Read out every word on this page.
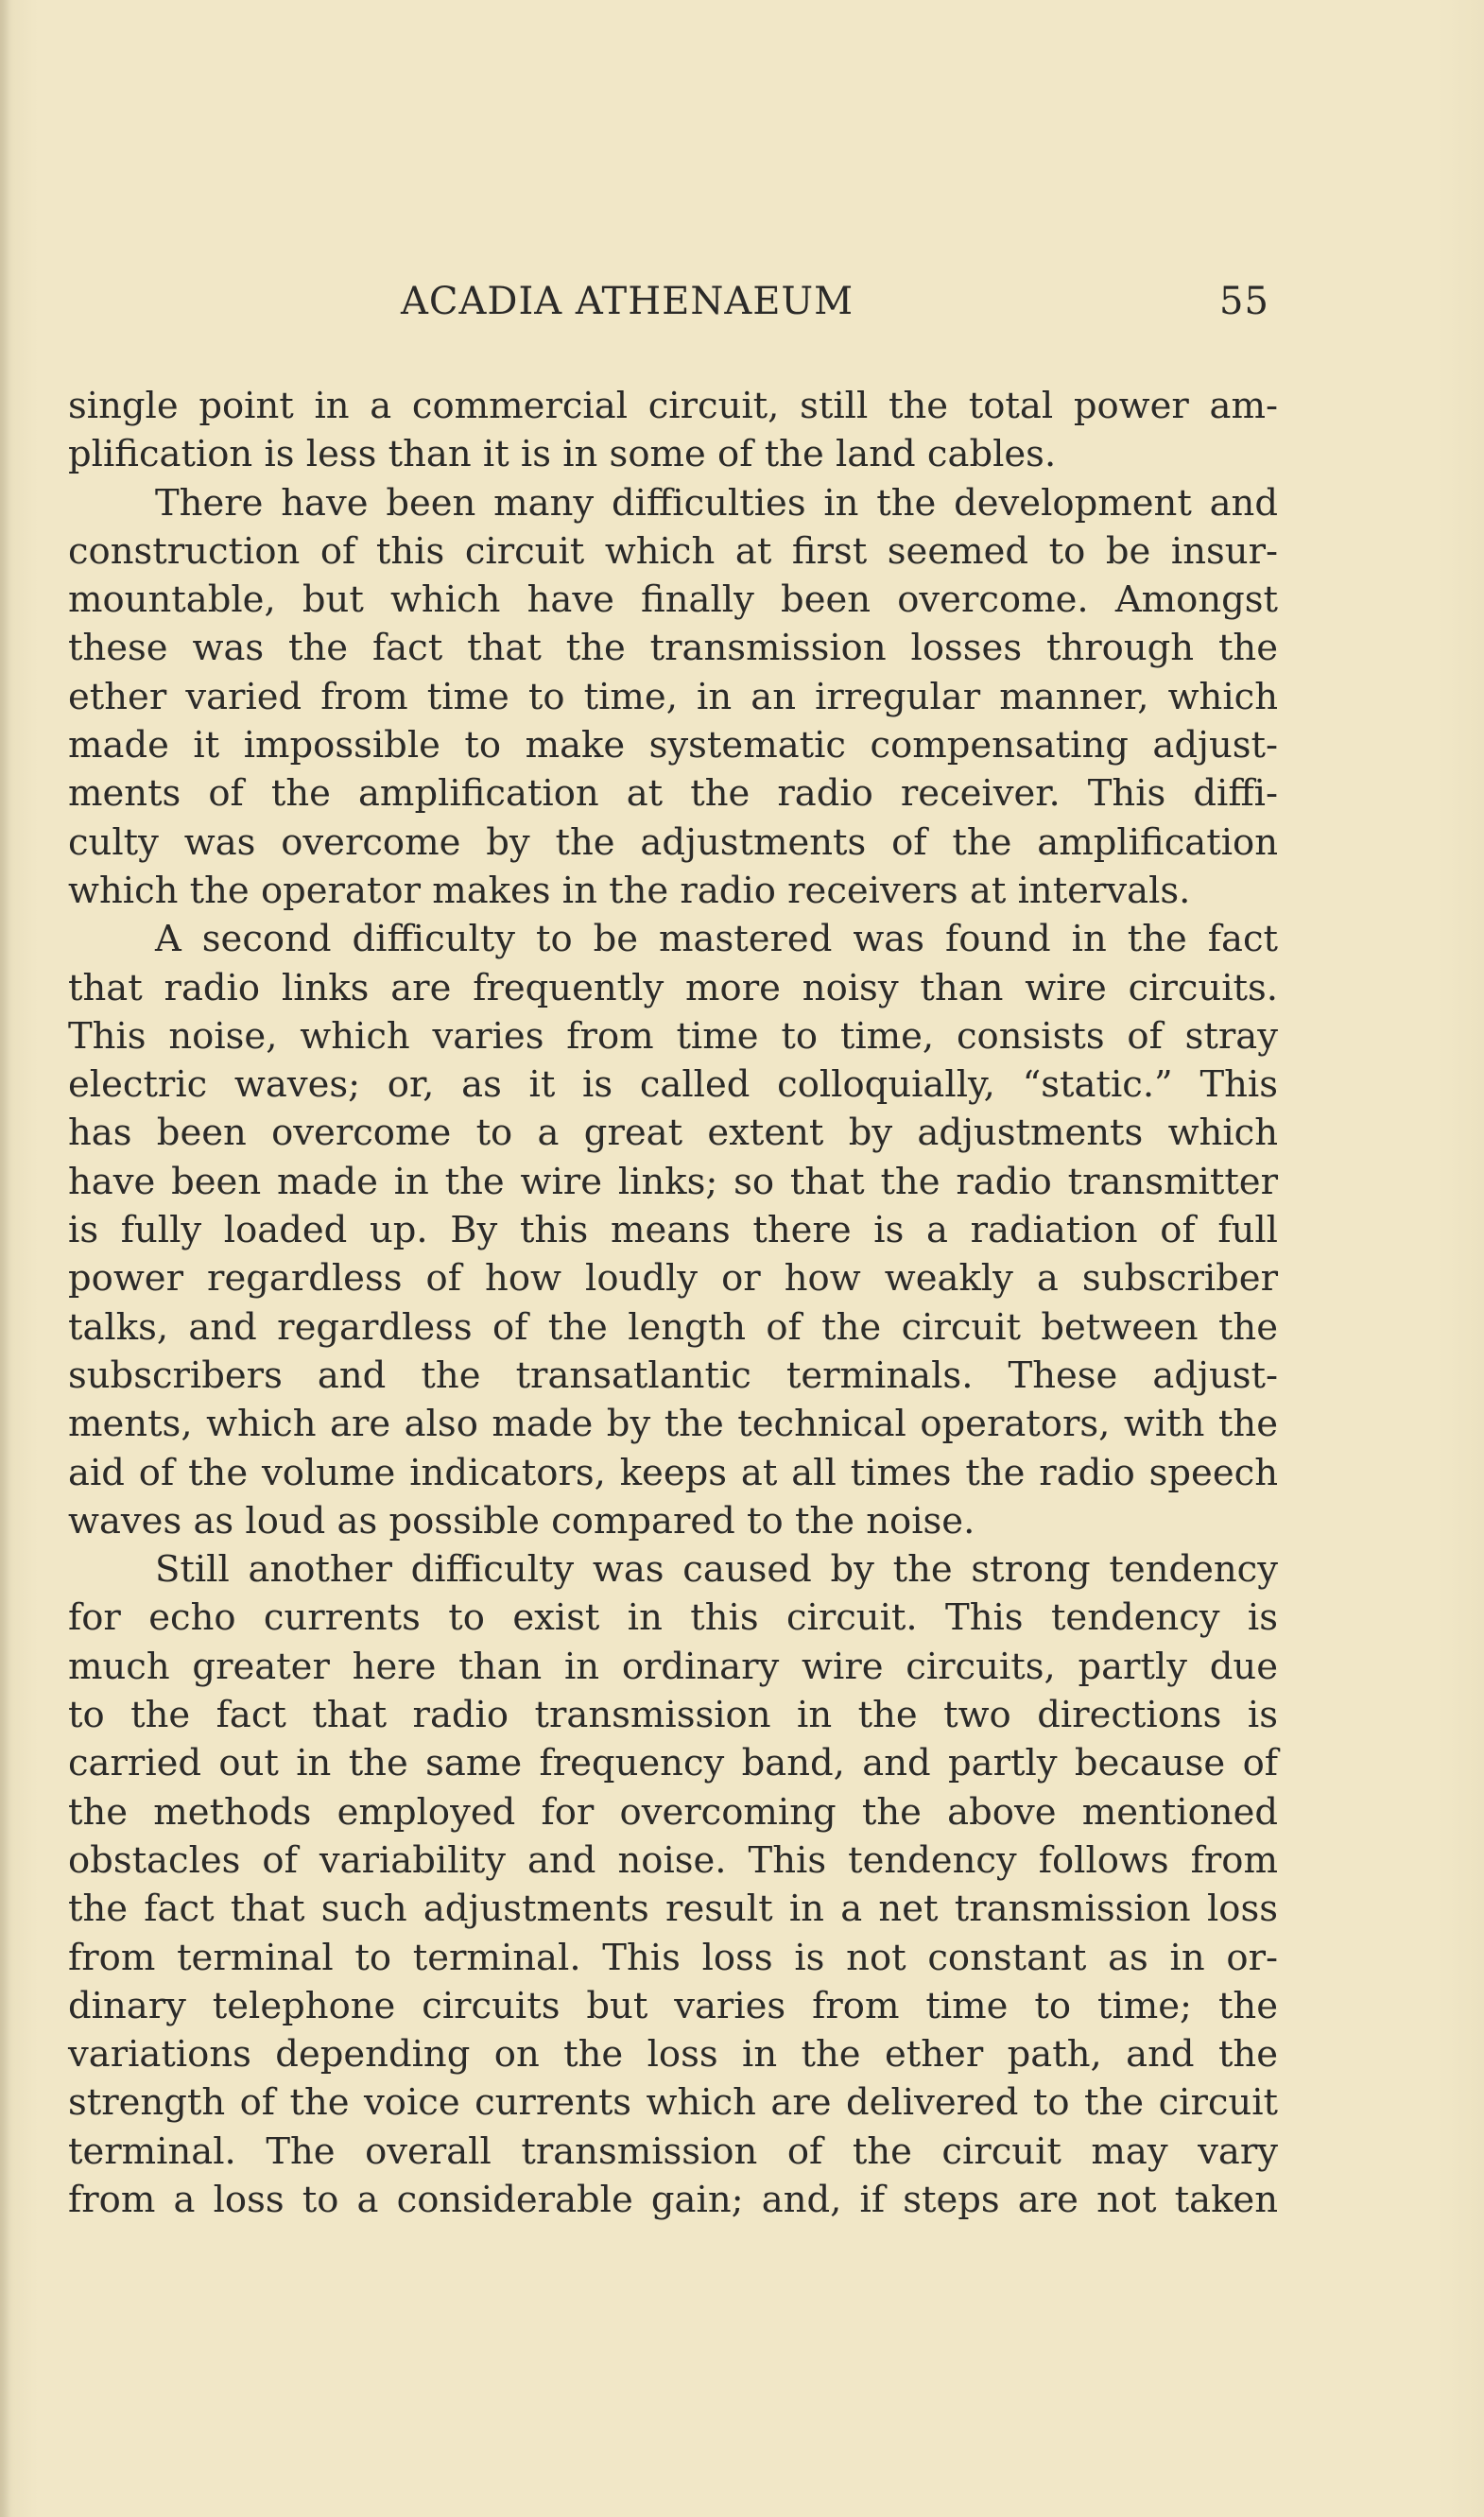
ACADIA ATHENAEUM	55
single point in a commercial circuit, still the total power am-
plification is less than it is in some of the land cables.
There have been many difficulties in the development and
construction of this circuit which at first seemed to be insur-
mountable, but which have finally been overcome. Amongst
these was the fact that the transmission losses through the
ether varied from time to time, in an irregular manner, which
made it impossible to make systematic compensating adjust-
ments of the amplification at the radio receiver. This diffi-
culty was overcome by the adjustments of the amplification
which the operator makes in the radio receivers at intervals.
A second difficulty to be mastered was found in the fact
that radio links are frequently more noisy than wire circuits.
This noise, which varies from time to time, consists of stray
electric waves; or, as it is called colloquially, “static.” This
has been overcome to a great extent by adjustments which
have been made in the wire links; so that the radio transmitter
is fully loaded up. By this means there is a radiation of full
power regardless of how loudly or how weakly a subscriber
talks, and regardless of the length of the circuit between the
subscribers and the transatlantic terminals. These adjust-
ments, which are also made by the technical operators, with the
aid of the volume indicators, keeps at all times the radio speech
waves as loud as possible compared to the noise.
Still another difficulty was caused by the strong tendency
for echo currents to exist in this circuit. This tendency is
much greater here than in ordinary wire circuits, partly due
to the fact that radio transmission in the two directions is
carried out in the same frequency band, and partly because of
the methods employed for overcoming the above mentioned
obstacles of variability and noise. This tendency follows from
the fact that such adjustments result in a net transmission loss
from terminal to terminal. This loss is not constant as in or-
dinary telephone circuits but varies from time to time; the
variations depending on the loss in the ether path, and the
strength of the voice currents which are delivered to the circuit
terminal. The overall transmission of the circuit may vary
from a loss to a considerable gain; and, if steps are not taken
